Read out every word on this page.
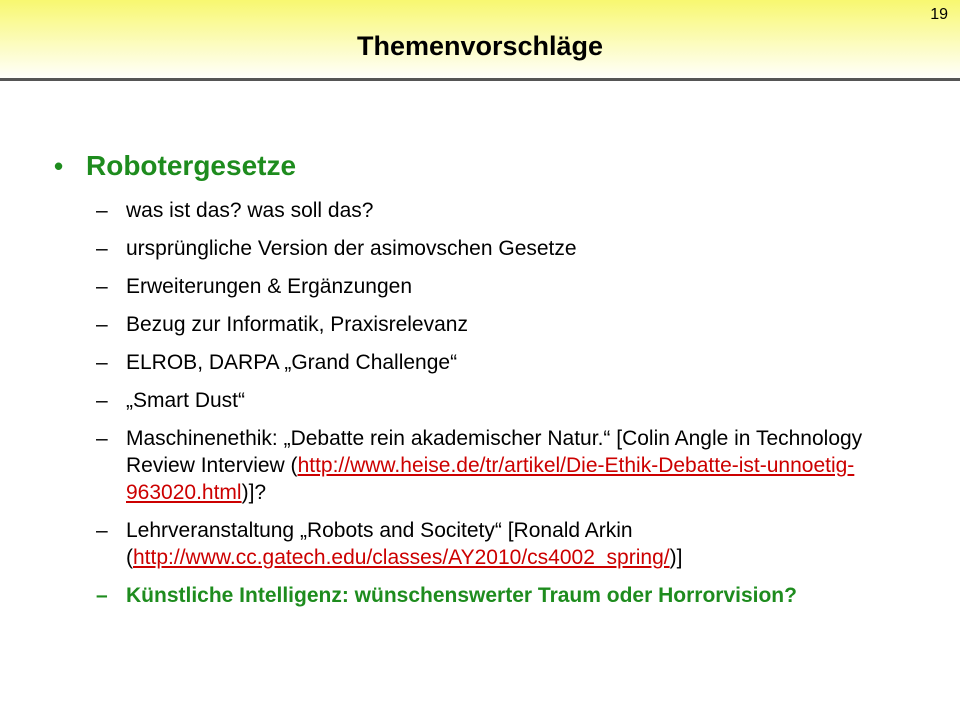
19
Themenvorschläge
• Robotergesetze
– was ist das? was soll das?
– ursprüngliche Version der asimovschen Gesetze
– Erweiterungen & Ergänzungen
– Bezug zur Informatik, Praxisrelevanz
– ELROB, DARPA „Grand Challenge“
– „Smart Dust“
– Maschinenethik: „Debatte rein akademischer Natur.“ [Colin Angle in Technology Review Interview (http://www.heise.de/tr/artikel/Die-Ethik-Debatte-ist-unnoetig-963020.html)]?
– Lehrveranstaltung „Robots and Socitety“ [Ronald Arkin (http://www.cc.gatech.edu/classes/AY2010/cs4002_spring/)]
– Künstliche Intelligenz: wünschenswerter Traum oder Horrorvision?
